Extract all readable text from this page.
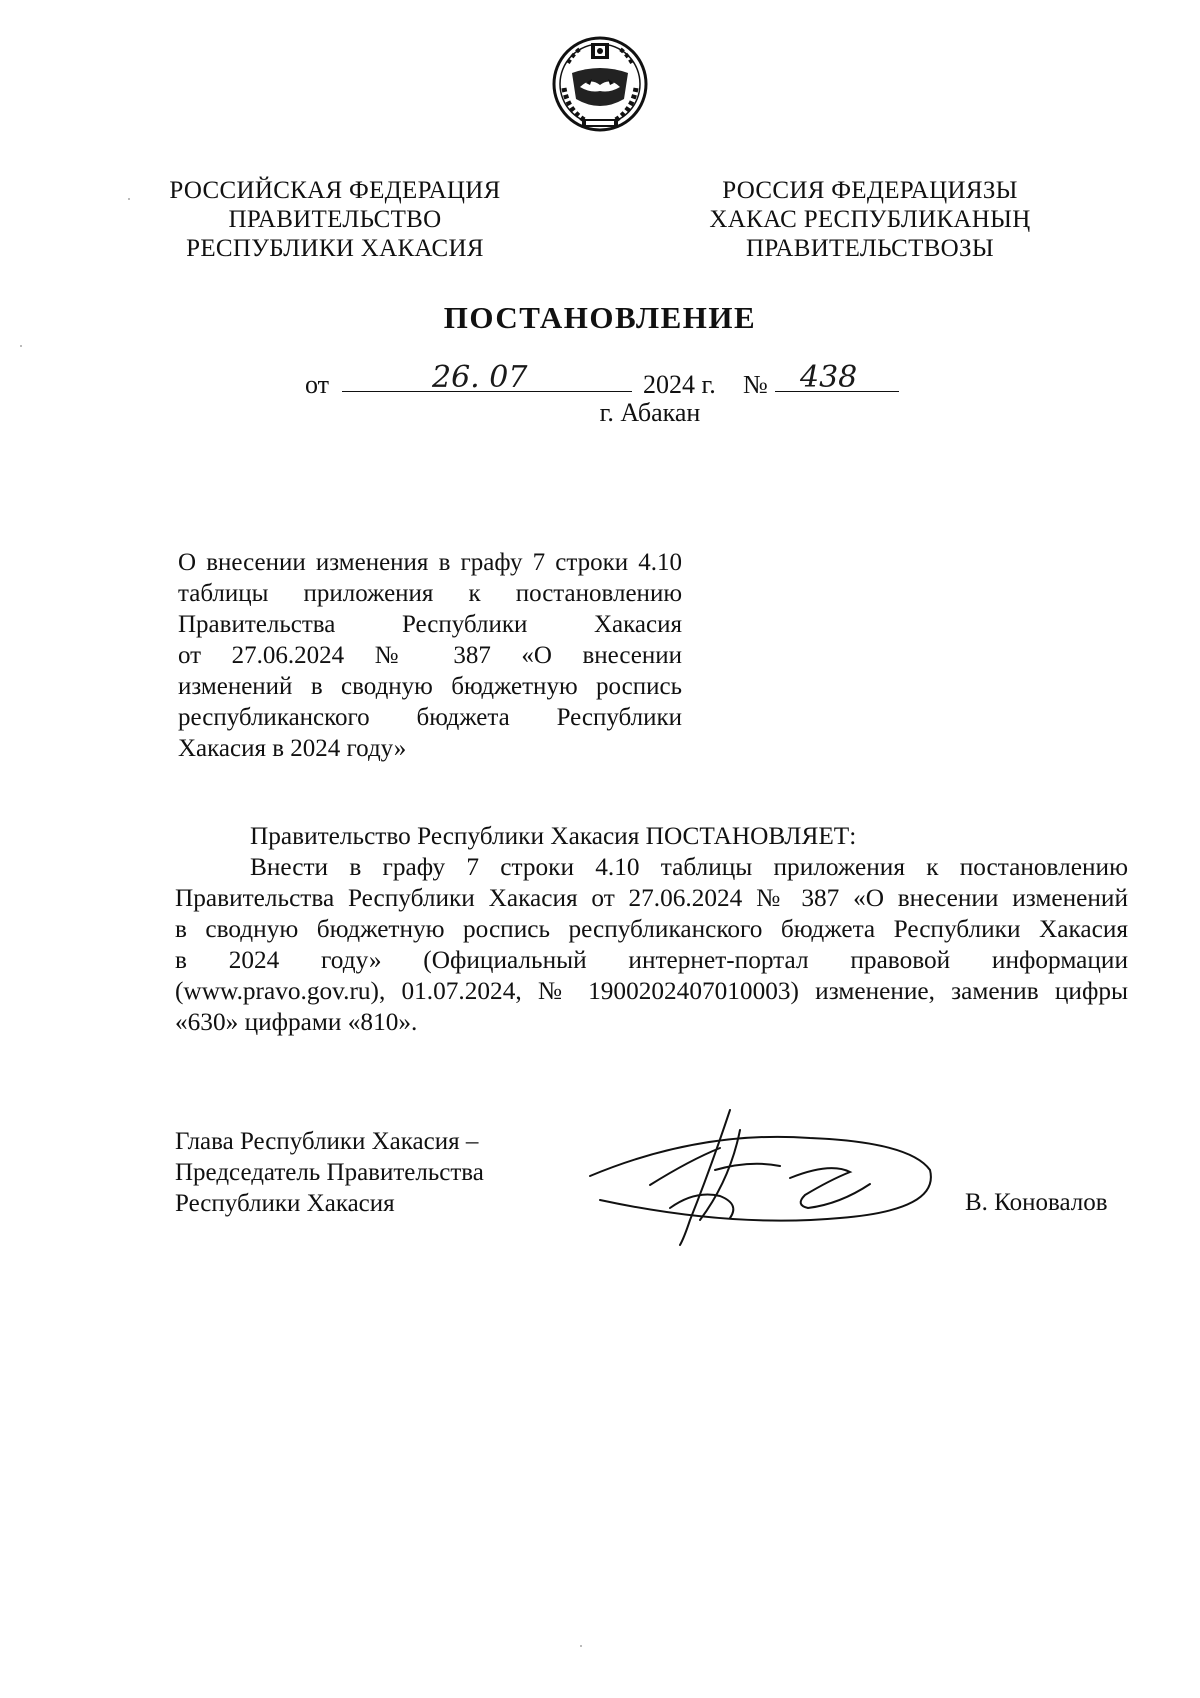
РОССИЙСКАЯ ФЕДЕРАЦИЯ
ПРАВИТЕЛЬСТВО
РЕСПУБЛИКИ ХАКАСИЯ
РОССИЯ ФЕДЕРАЦИЯЗЫ
ХАКАС РЕСПУБЛИКАНЫҢ
ПРАВИТЕЛЬСТВОЗЫ
ПОСТАНОВЛЕНИЕ
от	2024 г. №
26. 07	438
г. Абакан
О внесении изменения в графу 7 строки 4.10
таблицы приложения к постановлению
Правительства Республики Хакасия
от 27.06.2024 № 387 «О внесении
изменений в сводную бюджетную роспись
республиканского бюджета Республики
Хакасия в 2024 году»
Правительство Республики Хакасия ПОСТАНОВЛЯЕТ:
Внести в графу 7 строки 4.10 таблицы приложения к постановлению
Правительства Республики Хакасия от 27.06.2024 № 387 «О внесении изменений
в сводную бюджетную роспись республиканского бюджета Республики Хакасия
в 2024 году» (Официальный интернет-портал правовой информации
(www.pravo.gov.ru), 01.07.2024, № 1900202407010003) изменение, заменив цифры
«630» цифрами «810».
Глава Республики Хакасия –
Председатель Правительства
Республики Хакасия	В. Коновалов
